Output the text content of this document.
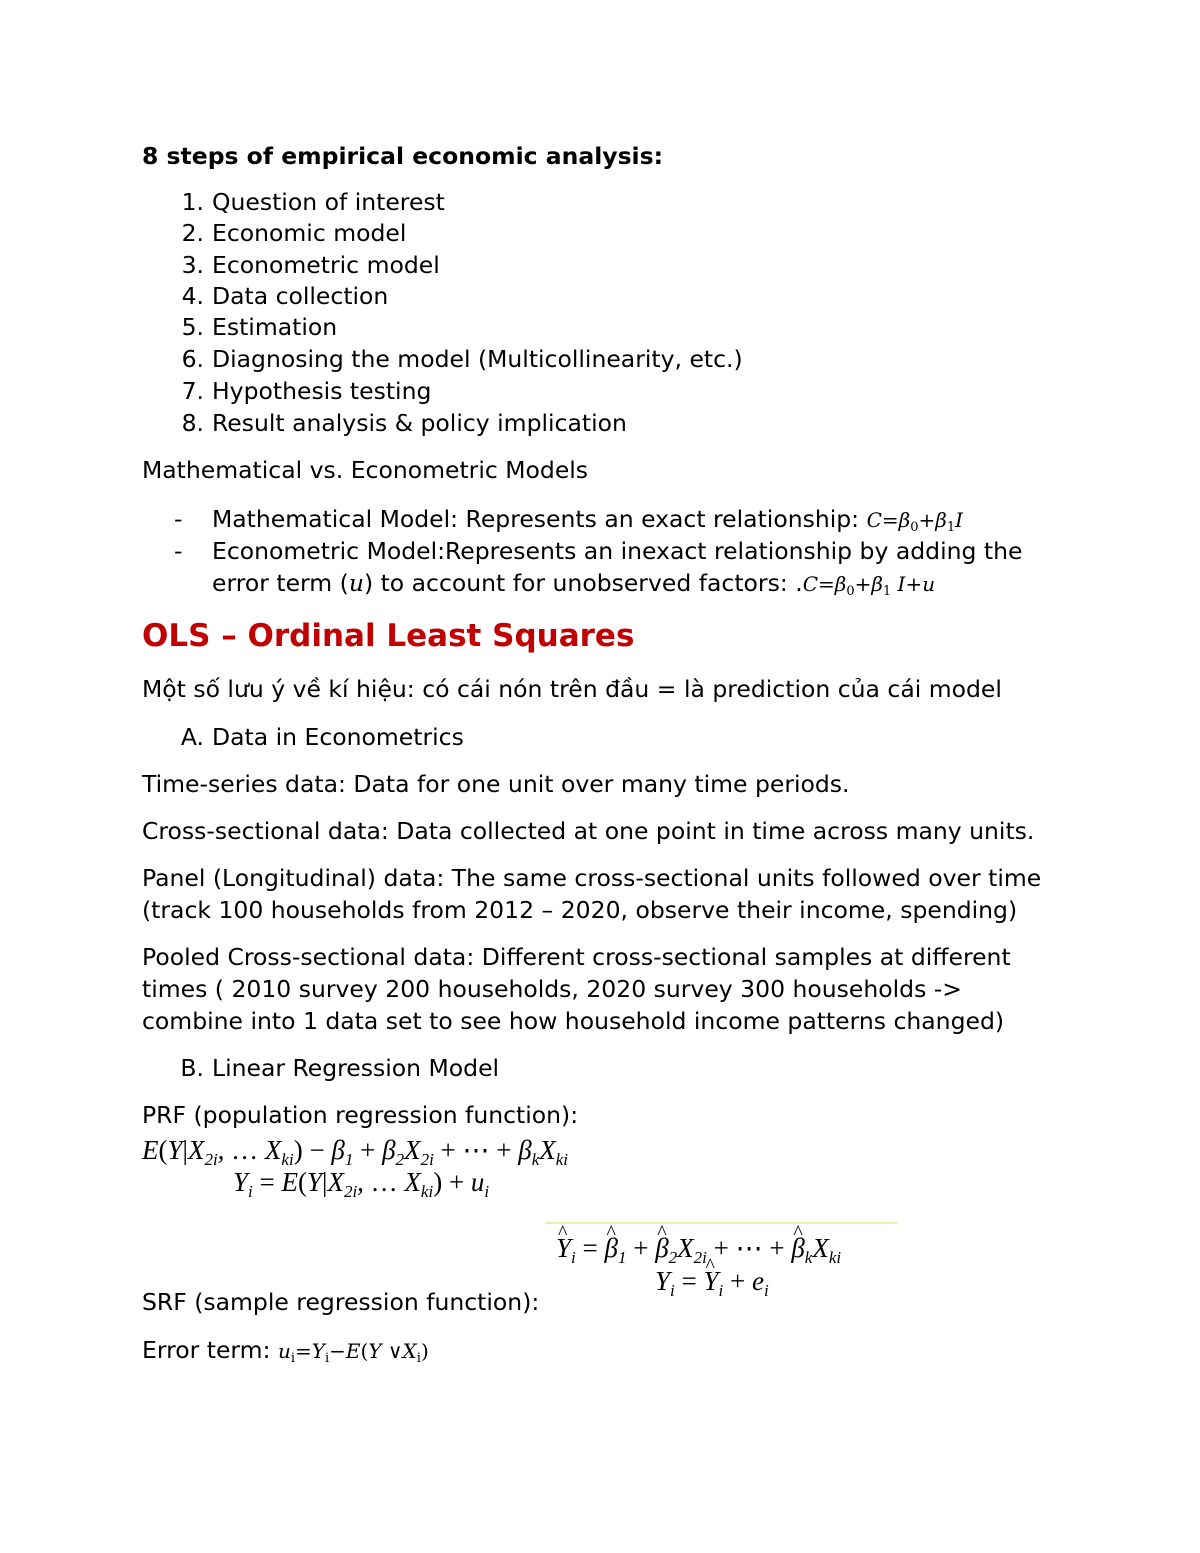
8 steps of empirical economic analysis:
1. Question of interest
2. Economic model
3. Econometric model
4. Data collection
5. Estimation
6. Diagnosing the model (Multicollinearity, etc.)
7. Hypothesis testing
8. Result analysis & policy implication
Mathematical vs. Econometric Models
- Mathematical Model: Represents an exact relationship: $C=\beta_0+\beta_1I$
- Econometric Model:Represents an inexact relationship by adding the
error term (u) to account for unobserved factors: $.C=\beta_0+\beta_1$ I+u
OLS – Ordinal Least Squares
Một số lưu ý về kí hiệu: có cái nón trên đầu = là prediction của cái model
A. Data in Econometrics
Time-series data: Data for one unit over many time periods.
Cross-sectional data: Data collected at one point in time across many units.
Panel (Longitudinal) data: The same cross-sectional units followed over time
(track 100 households from 2012 – 2020, observe their income, spending)
Pooled Cross-sectional data: Different cross-sectional samples at different
times ( 2010 survey 200 households, 2020 survey 300 households ->
combine into 1 data set to see how household income patterns changed)
B. Linear Regression Model
PRF (population regression function):
$E(Y|X_{2i}$, … $X_{ki}) - \beta_1 + \beta_2X_{2i}$ + ⋯ + $\beta_kX_{ki}$
$Y_i = E(Y|X_{2i}$, … $X_{ki}) + u_i$
^ $Y_i$ = ^ $\beta_1$ + ^ $\beta_2X_{2i}$ + ⋯ + ^ $\beta_kX_{ki}$
$Y_i$ = ^ $Y_i + e_i$
SRF (sample regression function):
Error term: $u_i=Y_i-E(Y$ $\vee X_i$)
